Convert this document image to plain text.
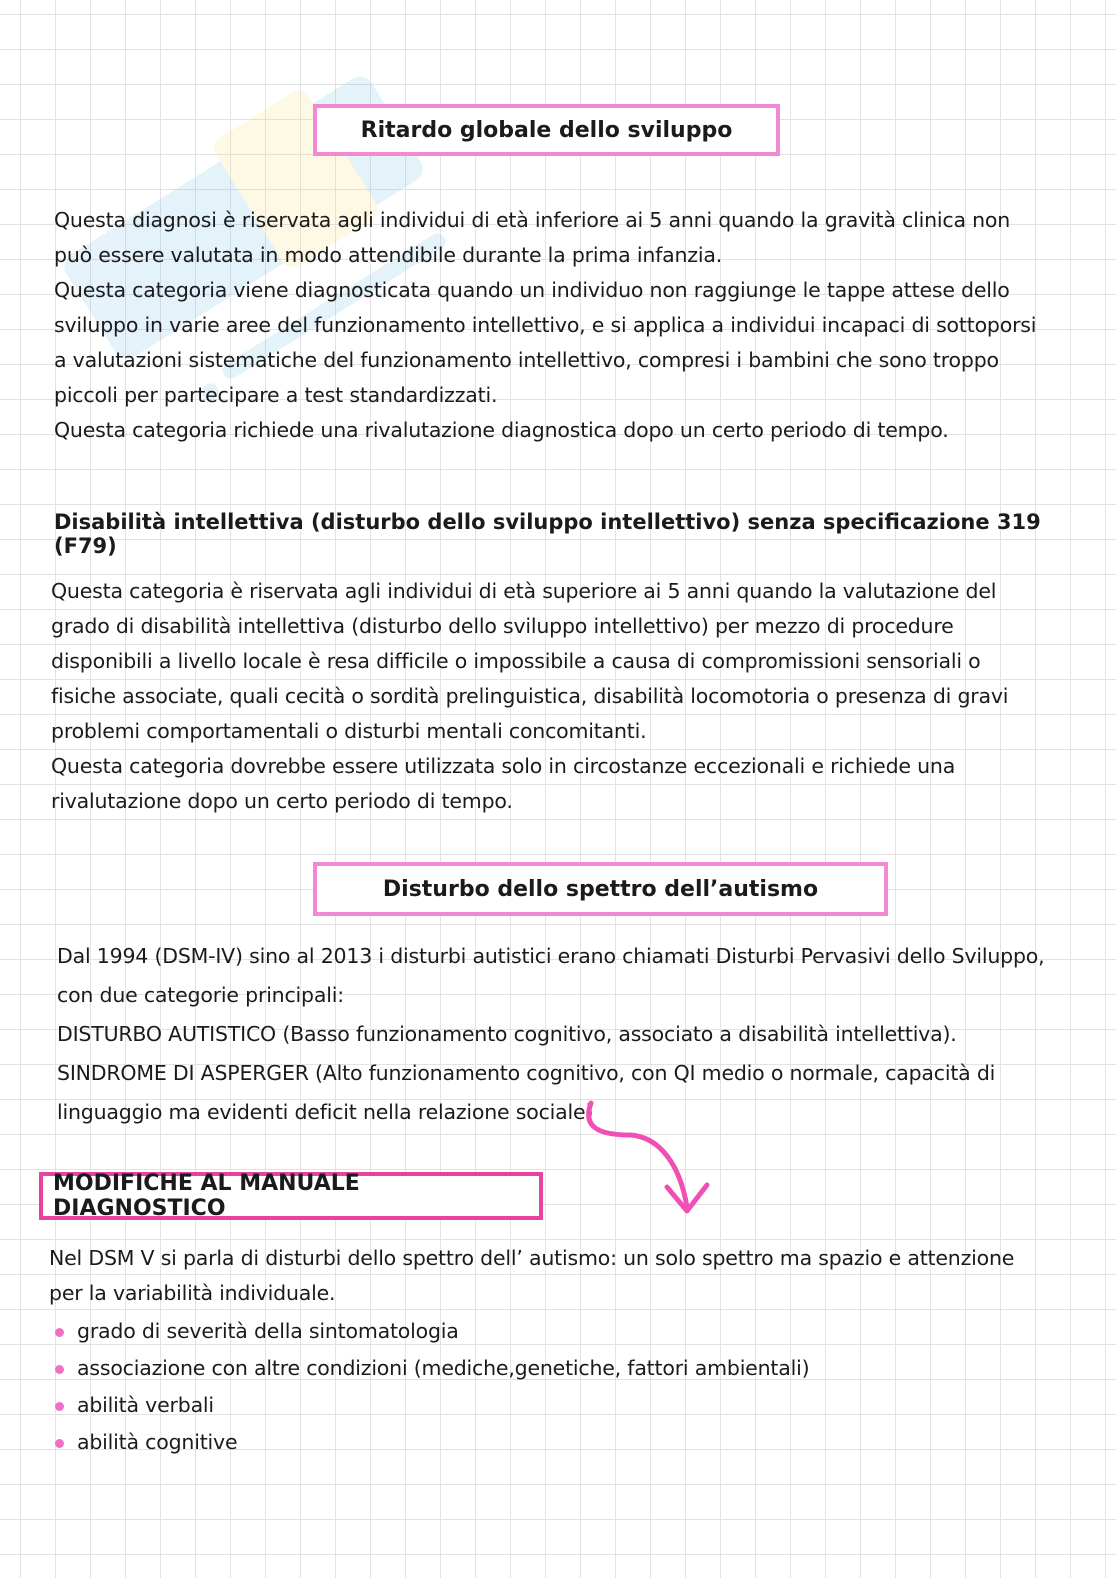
Ritardo globale dello sviluppo

Questa diagnosi è riservata agli individui di età inferiore ai 5 anni quando la gravità clinica non può essere valutata in modo attendibile durante la prima infanzia.

Questa categoria viene diagnosticata quando un individuo non raggiunge le tappe attese dello sviluppo in varie aree del funzionamento intellettivo, e si applica a individui incapaci di sottoporsi a valutazioni sistematiche del funzionamento intellettivo, compresi i bambini che sono troppo piccoli per partecipare a test standardizzati.

Questa categoria richiede una rivalutazione diagnostica dopo un certo periodo di tempo.

Disabilità intellettiva (disturbo dello sviluppo intellettivo) senza specificazione 319 (F79)

Questa categoria è riservata agli individui di età superiore ai 5 anni quando la valutazione del grado di disabilità intellettiva (disturbo dello sviluppo intellettivo) per mezzo di procedure disponibili a livello locale è resa difficile o impossibile a causa di compromissioni sensoriali o fisiche associate, quali cecità o sordità prelinguistica, disabilità locomotoria o presenza di gravi problemi comportamentali o disturbi mentali concomitanti.

Questa categoria dovrebbe essere utilizzata solo in circostanze eccezionali e richiede una rivalutazione dopo un certo periodo di tempo.

Disturbo dello spettro dell’autismo

Dal 1994 (DSM-IV) sino al 2013 i disturbi autistici erano chiamati Disturbi Pervasivi dello Sviluppo, con due categorie principali:

DISTURBO AUTISTICO (Basso funzionamento cognitivo, associato a disabilità intellettiva).

SINDROME DI ASPERGER (Alto funzionamento cognitivo, con QI medio o normale, capacità di linguaggio ma evidenti deficit nella relazione sociale)

MODIFICHE AL MANUALE DIAGNOSTICO

Nel DSM V si parla di disturbi dello spettro dell’ autismo: un solo spettro ma spazio e attenzione per la variabilità individuale.

grado di severità della sintomatologia
associazione con altre condizioni (mediche,genetiche, fattori ambientali)
abilità verbali
abilità cognitive
